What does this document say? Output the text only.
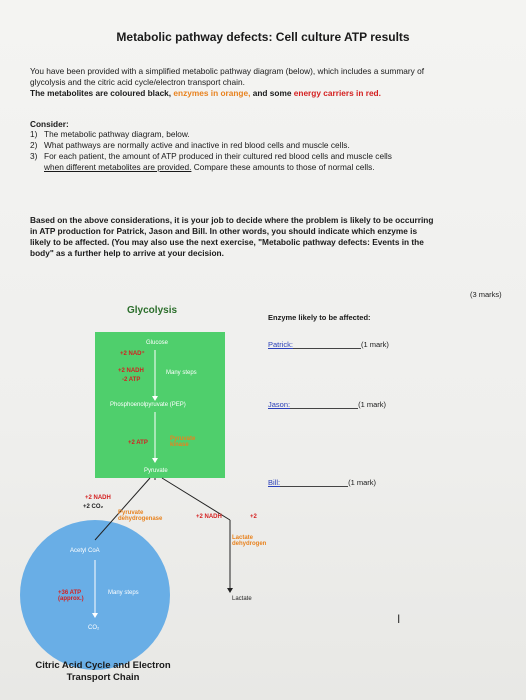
Metabolic pathway defects: Cell culture ATP results
You have been provided with a simplified metabolic pathway diagram (below), which includes a summary of
glycolysis and the citric acid cycle/electron transport chain.
The metabolites are coloured black, enzymes in orange, and some energy carriers in red.
Consider:
1) The metabolic pathway diagram, below.
2) What pathways are normally active and inactive in red blood cells and muscle cells.
3) For each patient, the amount of ATP produced in their cultured red blood cells and muscle cells
when different metabolites are provided. Compare these amounts to those of normal cells.
Based on the above considerations, it is your job to decide where the problem is likely to be occurring
in ATP production for Patrick, Jason and Bill. In other words, you should indicate which enzyme is
likely to be affected. (You may also use the next exercise, "Metabolic pathway defects: Events in the
body" as a further help to arrive at your decision.
(3 marks)
Glycolysis
Glucose
+2 NAD⁺
+2 NADH
-2 ATP
Many steps
Phosphoenolpyruvate (PEP)
+2 ATP
Pyruvate kinase
Pyruvate
+2 NADH
+2 CO₂
Pyruvate dehydrogenase	+2 NADH	+2
Lactate dehydrogen
Acetyl CoA
Lactate
+36 ATP (approx.)
Many steps
CO₂
Citric Acid Cycle and Electron Transport Chain
Enzyme likely to be affected:
Patrick:	(1 mark)
Jason:	(1 mark)
Bill:	(1 mark)
I
